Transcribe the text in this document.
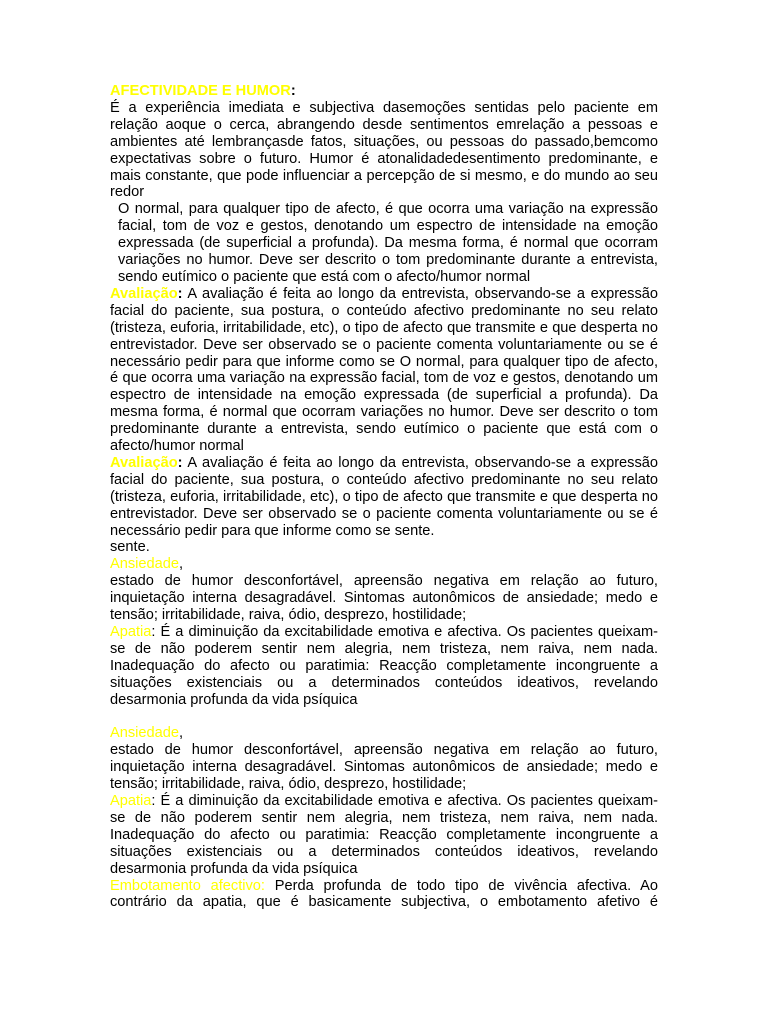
AFECTIVIDADE E HUMOR:

É a experiência imediata e subjectiva dasemoções sentidas pelo paciente em relação aoque o cerca, abrangendo desde sentimentos emrelação a pessoas e ambientes até lembrançasde fatos, situações, ou pessoas do passado,bemcomo expectativas sobre o futuro. Humor é atonalidadedesentimento predominante, e mais constante, que pode influenciar a percepção de si mesmo, e do mundo ao seu redor

O normal, para qualquer tipo de afecto, é que ocorra uma variação na expressão facial, tom de voz e gestos, denotando um espectro de intensidade na emoção expressada (de superficial a profunda). Da mesma forma, é normal que ocorram variações no humor. Deve ser descrito o tom predominante durante a entrevista, sendo eutímico o paciente que está com o afecto/humor normal

Avaliação: A avaliação é feita ao longo da entrevista, observando-se a expressão facial do paciente, sua postura, o conteúdo afectivo predominante no seu relato (tristeza, euforia, irritabilidade, etc), o tipo de afecto que transmite e que desperta no entrevistador. Deve ser observado se o paciente comenta voluntariamente ou se é necessário pedir para que informe como se O normal, para qualquer tipo de afecto, é que ocorra uma variação na expressão facial, tom de voz e gestos, denotando um espectro de intensidade na emoção expressada (de superficial a profunda). Da mesma forma, é normal que ocorram variações no humor. Deve ser descrito o tom predominante durante a entrevista, sendo eutímico o paciente que está com o afecto/humor normal

Avaliação: A avaliação é feita ao longo da entrevista, observando-se a expressão facial do paciente, sua postura, o conteúdo afectivo predominante no seu relato (tristeza, euforia, irritabilidade, etc), o tipo de afecto que transmite e que desperta no entrevistador. Deve ser observado se o paciente comenta voluntariamente ou se é necessário pedir para que informe como se sente.

sente.

Ansiedade,

estado de humor desconfortável, apreensão negativa em relação ao futuro, inquietação interna desagradável. Sintomas autonômicos de ansiedade; medo e tensão; irritabilidade, raiva, ódio, desprezo, hostilidade;

Apatia: É a diminuição da excitabilidade emotiva e afectiva. Os pacientes queixam-se de não poderem sentir nem alegria, nem tristeza, nem raiva, nem nada. Inadequação do afecto ou paratimia: Reacção completamente incongruente a situações existenciais ou a determinados conteúdos ideativos, revelando desarmonia profunda da vida psíquica

Ansiedade,

estado de humor desconfortável, apreensão negativa em relação ao futuro, inquietação interna desagradável. Sintomas autonômicos de ansiedade; medo e tensão; irritabilidade, raiva, ódio, desprezo, hostilidade;

Apatia: É a diminuição da excitabilidade emotiva e afectiva. Os pacientes queixam-se de não poderem sentir nem alegria, nem tristeza, nem raiva, nem nada. Inadequação do afecto ou paratimia: Reacção completamente incongruente a situações existenciais ou a determinados conteúdos ideativos, revelando desarmonia profunda da vida psíquica

Embotamento afectivo: Perda profunda de todo tipo de vivência afectiva. Ao contrário da apatia, que é basicamente subjectiva, o embotamento afetivo é
